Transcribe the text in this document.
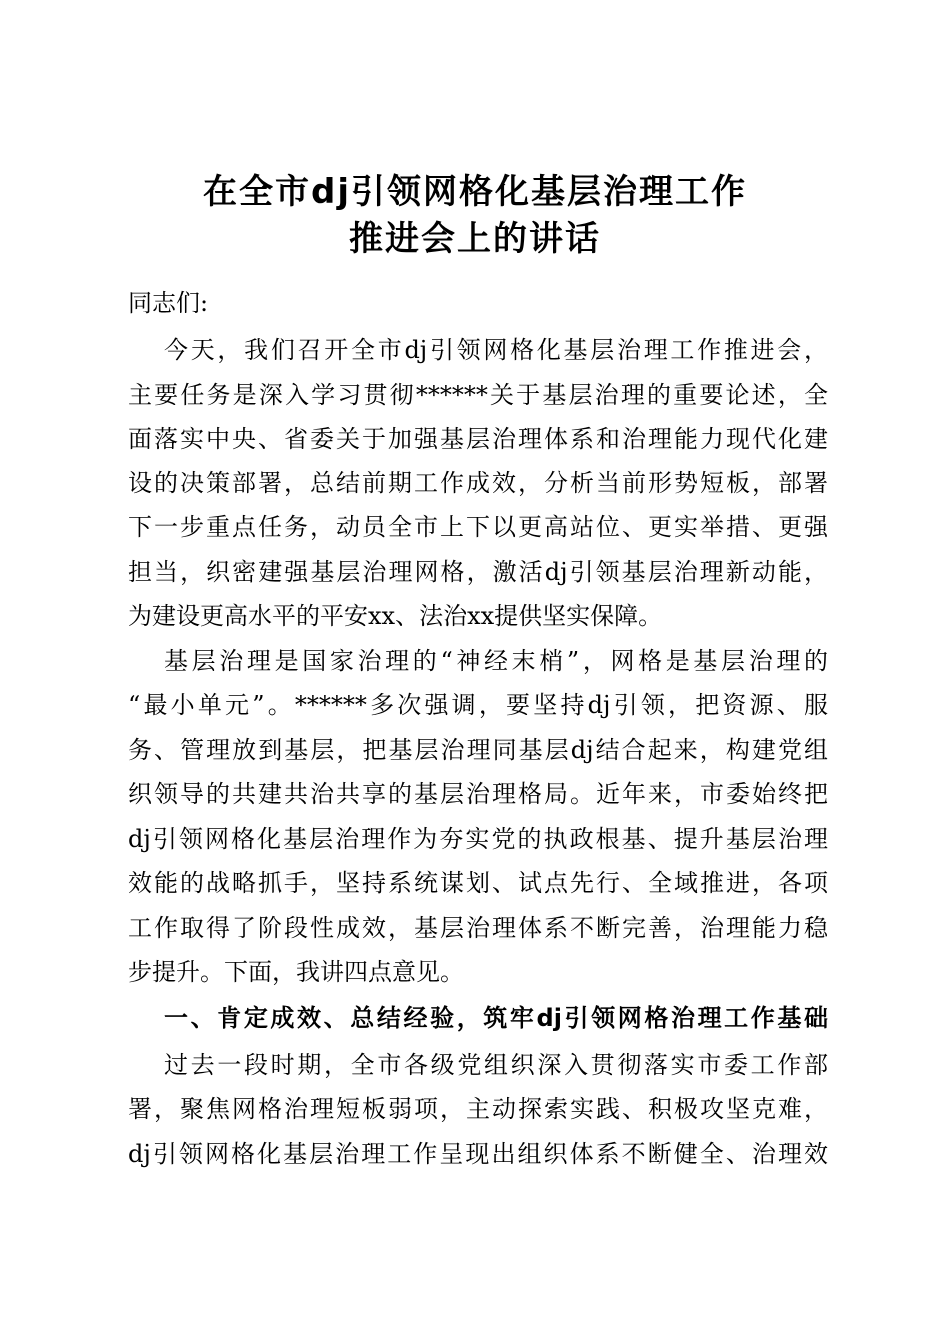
在全市dj引领网格化基层治理工作
推进会上的讲话
同志们:
今天，我们召开全市dj引领网格化基层治理工作推进会，
主要任务是深入学习贯彻******关于基层治理的重要论述，全
面落实中央、省委关于加强基层治理体系和治理能力现代化建
设的决策部署，总结前期工作成效，分析当前形势短板，部署
下一步重点任务，动员全市上下以更高站位、更实举措、更强
担当，织密建强基层治理网格，激活dj引领基层治理新动能，
为建设更高水平的平安xx、法治xx提供坚实保障。
基层治理是国家治理的“神经末梢”，网格是基层治理的
“最小单元”。******多次强调，要坚持dj引领，把资源、服
务、管理放到基层，把基层治理同基层dj结合起来，构建党组
织领导的共建共治共享的基层治理格局。近年来，市委始终把
dj引领网格化基层治理作为夯实党的执政根基、提升基层治理
效能的战略抓手，坚持系统谋划、试点先行、全域推进，各项
工作取得了阶段性成效，基层治理体系不断完善，治理能力稳
步提升。下面，我讲四点意见。
一、肯定成效、总结经验，筑牢dj引领网格治理工作基础
过去一段时期，全市各级党组织深入贯彻落实市委工作部
署，聚焦网格治理短板弱项，主动探索实践、积极攻坚克难，
dj引领网格化基层治理工作呈现出组织体系不断健全、治理效
